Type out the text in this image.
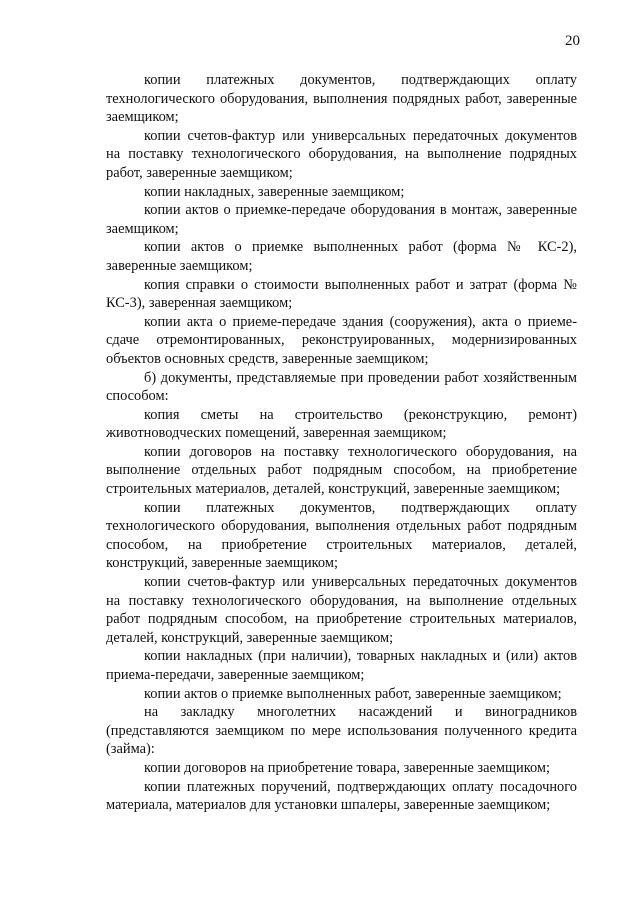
20

копии платежных документов, подтверждающих оплату технологического оборудования, выполнения подрядных работ, заверенные заемщиком;

копии счетов-фактур или универсальных передаточных документов на поставку технологического оборудования, на выполнение подрядных работ, заверенные заемщиком;

копии накладных, заверенные заемщиком;

копии актов о приемке-передаче оборудования в монтаж, заверенные заемщиком;

копии актов о приемке выполненных работ (форма № КС-2), заверенные заемщиком;

копия справки о стоимости выполненных работ и затрат (форма № КС-3), заверенная заемщиком;

копии акта о приеме-передаче здания (сооружения), акта о приеме-сдаче отремонтированных, реконструированных, модернизированных объектов основных средств, заверенные заемщиком;

б) документы, представляемые при проведении работ хозяйственным способом:

копия сметы на строительство (реконструкцию, ремонт) животноводческих помещений, заверенная заемщиком;

копии договоров на поставку технологического оборудования, на выполнение отдельных работ подрядным способом, на приобретение строительных материалов, деталей, конструкций, заверенные заемщиком;

копии платежных документов, подтверждающих оплату технологического оборудования, выполнения отдельных работ подрядным способом, на приобретение строительных материалов, деталей, конструкций, заверенные заемщиком;

копии счетов-фактур или универсальных передаточных документов на поставку технологического оборудования, на выполнение отдельных работ подрядным способом, на приобретение строительных материалов, деталей, конструкций, заверенные заемщиком;

копии накладных (при наличии), товарных накладных и (или) актов приема-передачи, заверенные заемщиком;

копии актов о приемке выполненных работ, заверенные заемщиком;

на закладку многолетних насаждений и виноградников (представляются заемщиком по мере использования полученного кредита (займа):

копии договоров на приобретение товара, заверенные заемщиком;

копии платежных поручений, подтверждающих оплату посадочного материала, материалов для установки шпалеры, заверенные заемщиком;
